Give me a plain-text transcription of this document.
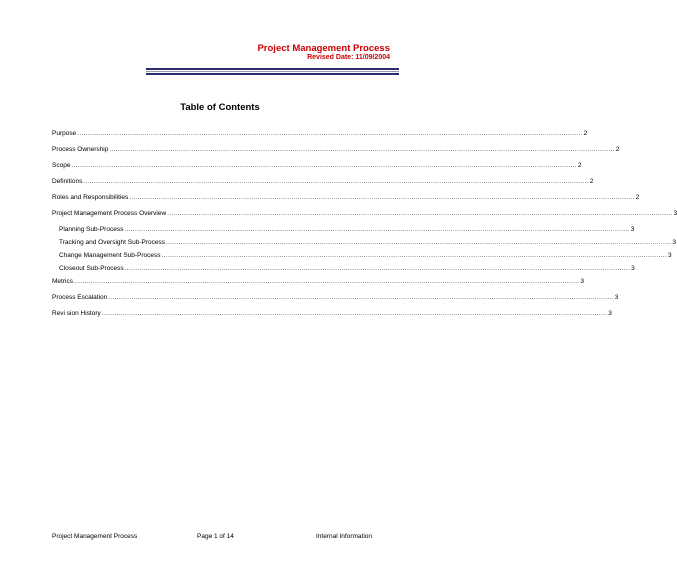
Project Management Process
Revised Date: 11/09/2004
Table of Contents
Purpose .....	2
Process Ownership .....	2
Scope .....	2
Definitions .....	2
Roles and Responsibilities .....	2
Project Management Process Overview .....	3
Planning Sub-Process .....	3
Tracking and Oversight Sub-Process .....	3
Change Management Sub-Process .....	3
Closeout Sub-Process .....	3
Metrics .....	3
Process Escalation .....	3
Revi sion History .....	3
Project Management Process	Page 1 of 14	Internal Information
